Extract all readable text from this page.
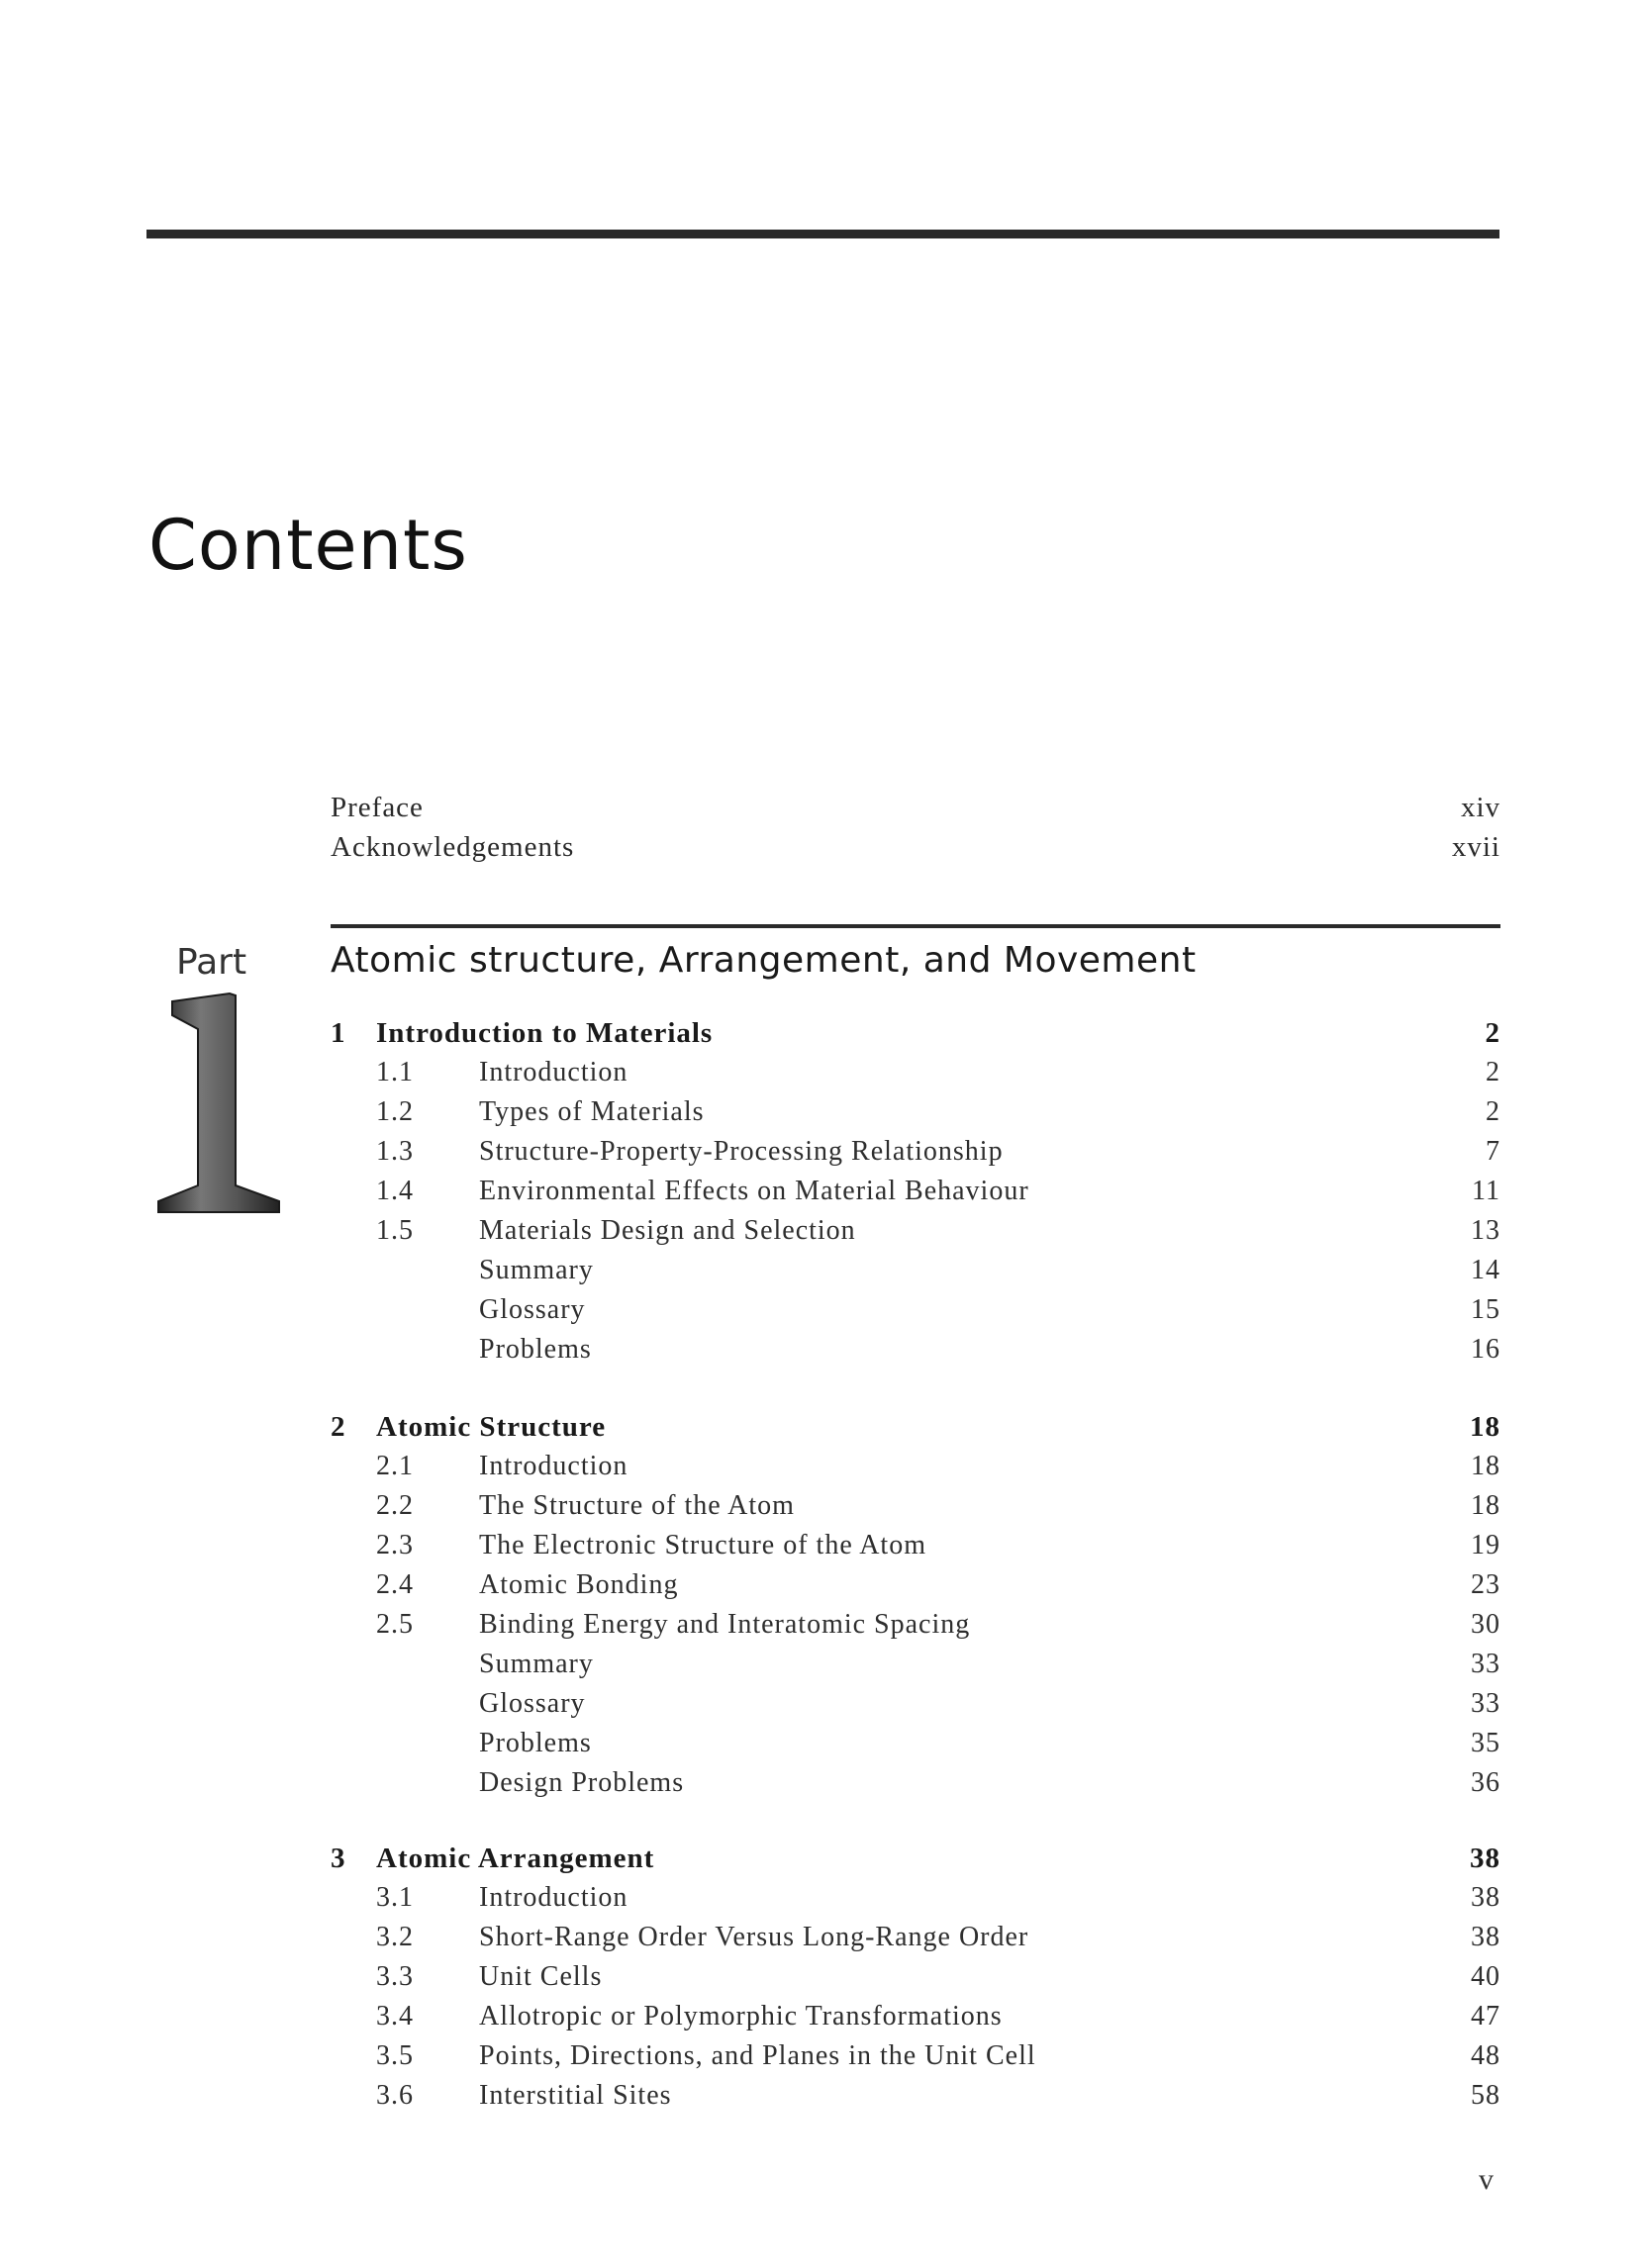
Contents
Preface	xiv
Acknowledgements	xvii
Part Atomic structure, Arrangement, and Movement
1	Introduction to Materials	2
1.1	Introduction	2
1.2	Types of Materials	2
1.3	Structure-Property-Processing Relationship	7
1.4	Environmental Effects on Material Behaviour	11
1.5	Materials Design and Selection	13
Summary	14
Glossary	15
Problems	16
2	Atomic Structure	18
2.1	Introduction	18
2.2	The Structure of the Atom	18
2.3	The Electronic Structure of the Atom	19
2.4	Atomic Bonding	23
2.5	Binding Energy and Interatomic Spacing	30
Summary	33
Glossary	33
Problems	35
Design Problems	36
3	Atomic Arrangement	38
3.1	Introduction	38
3.2	Short-Range Order Versus Long-Range Order	38
3.3	Unit Cells	40
3.4	Allotropic or Polymorphic Transformations	47
3.5	Points, Directions, and Planes in the Unit Cell	48
3.6	Interstitial Sites	58
v
